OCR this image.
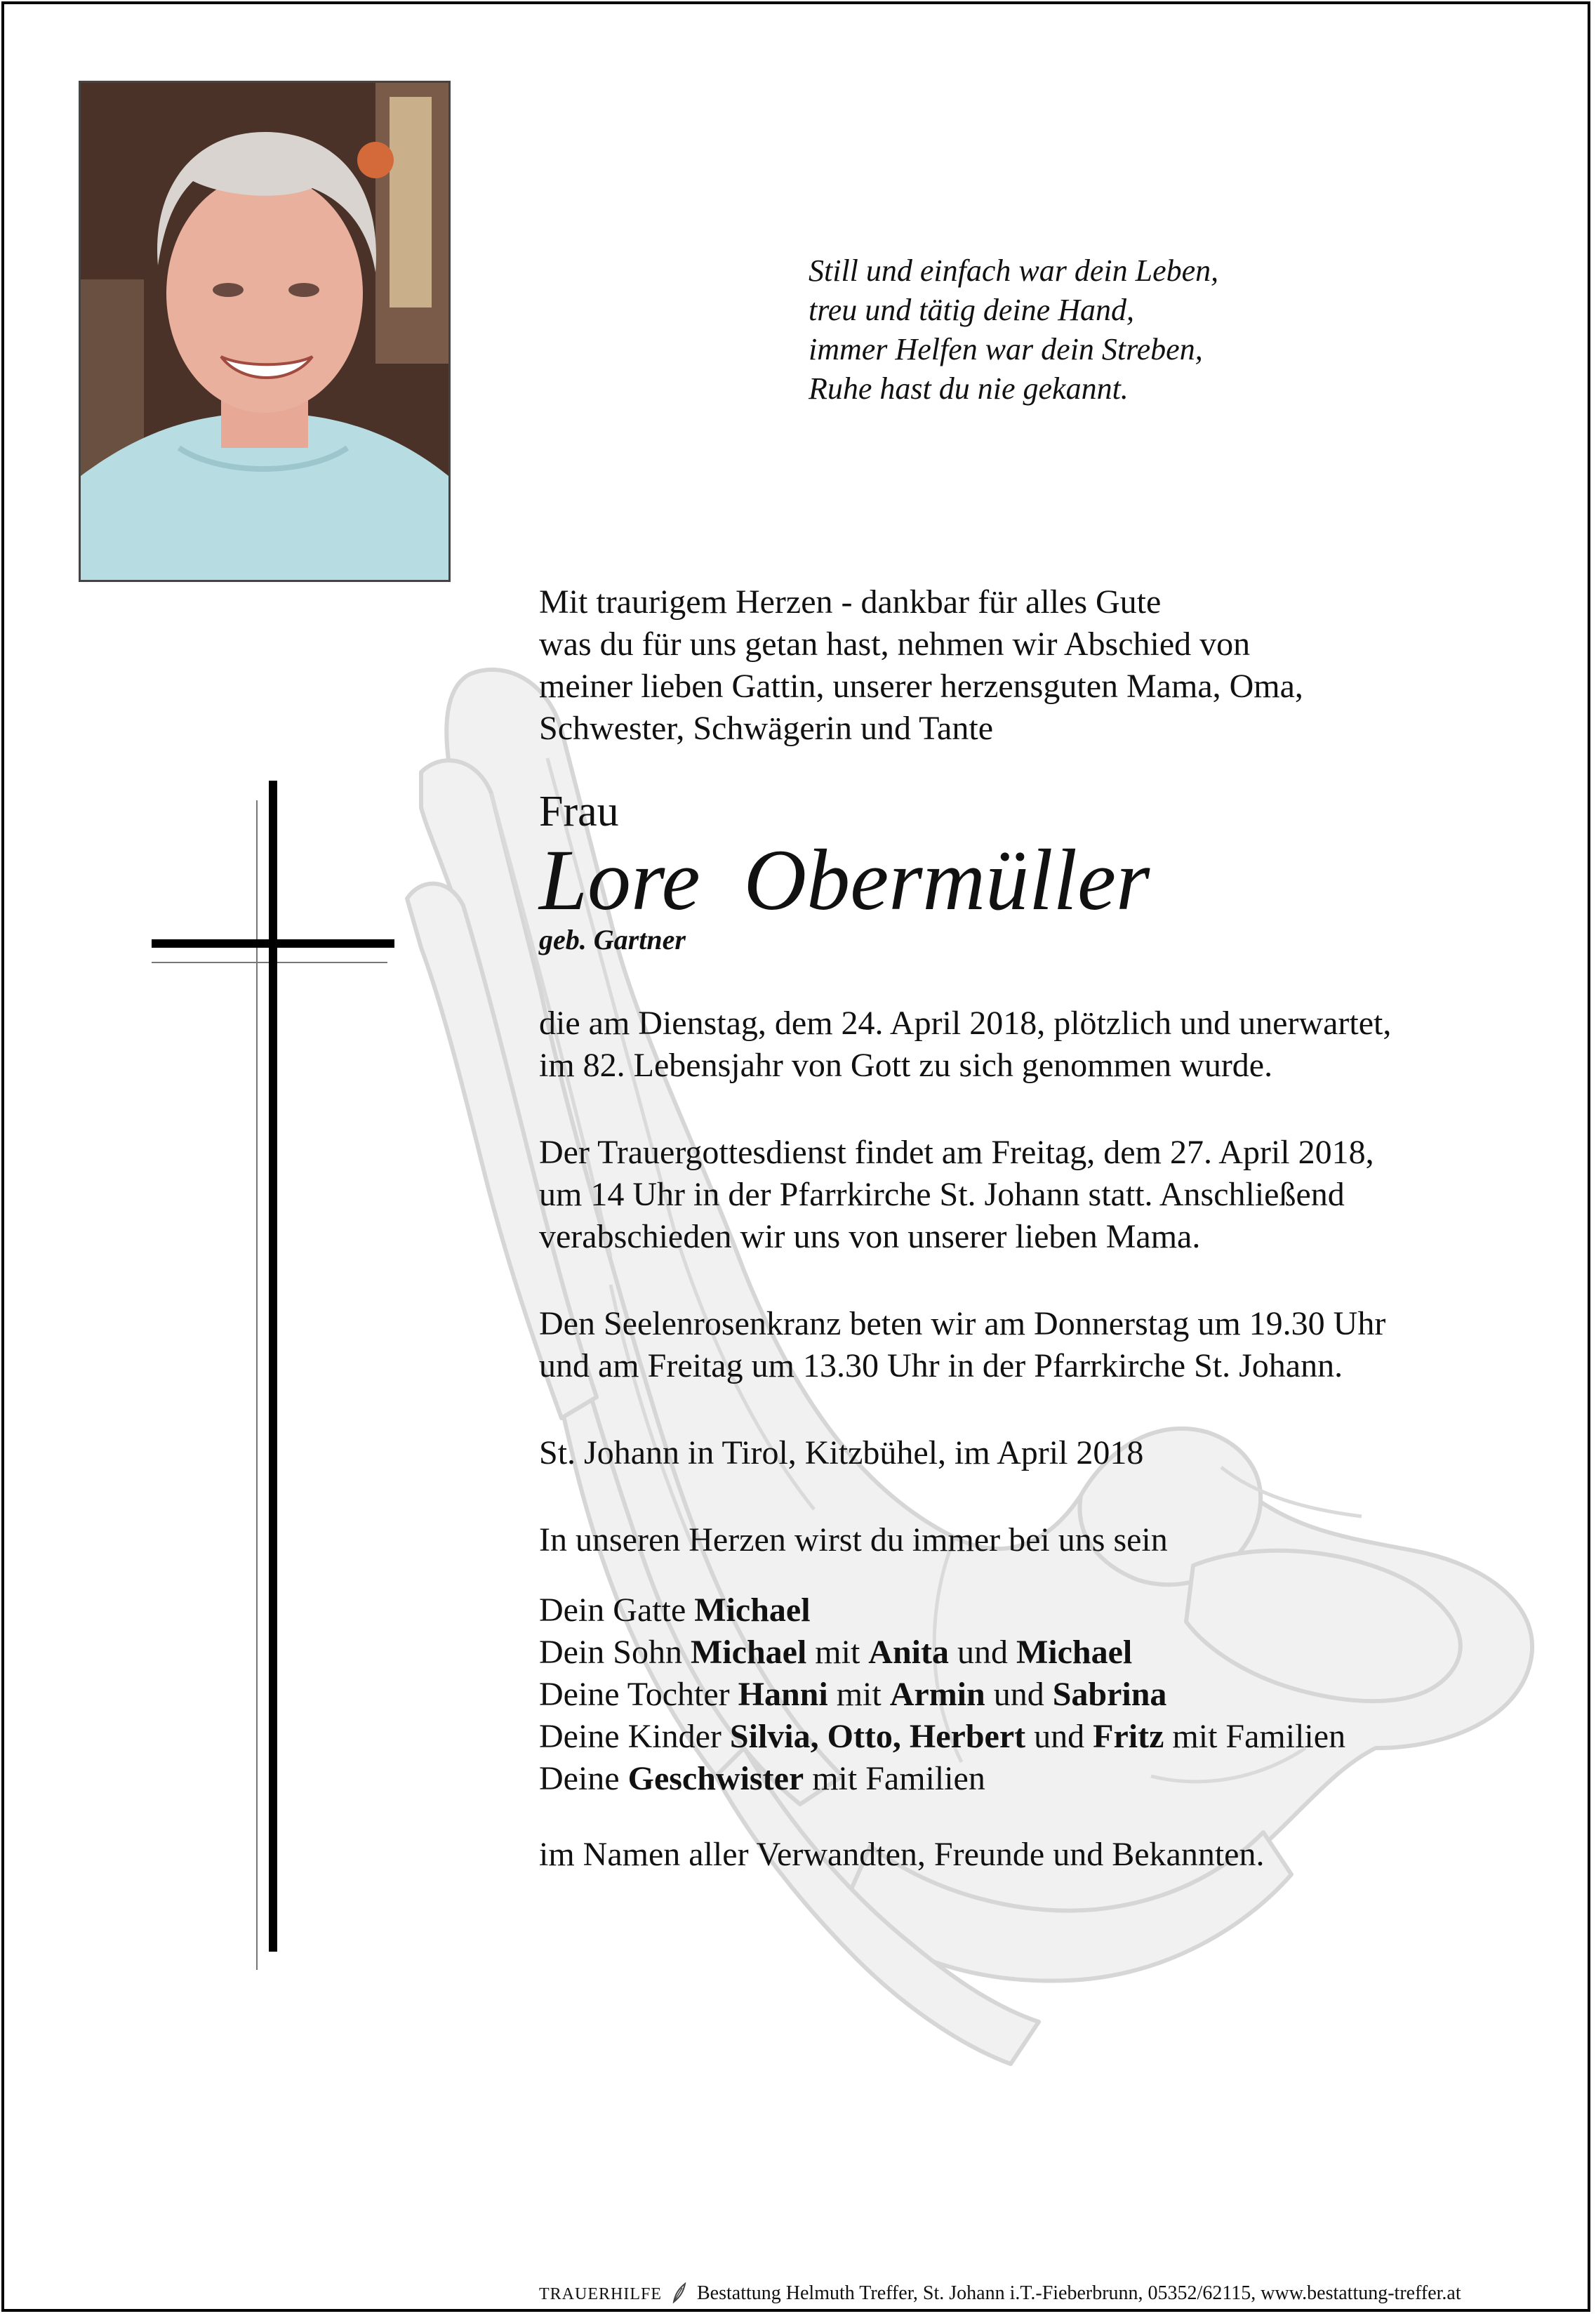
Still und einfach war dein Leben,
treu und tätig deine Hand,
immer Helfen war dein Streben,
Ruhe hast du nie gekannt.

Mit traurigem Herzen - dankbar für alles Gute

was du für uns getan hast, nehmen wir Abschied von

meiner lieben Gattin, unserer herzensguten Mama, Oma,

Schwester, Schwägerin und Tante

Frau

Lore  Obermüller

geb. Gartner

die am Dienstag, dem 24. April 2018, plötzlich und unerwartet,

im 82. Lebensjahr von Gott zu sich genommen wurde.

Der Trauergottesdienst findet am Freitag, dem 27. April 2018,

um 14 Uhr in der Pfarrkirche St. Johann statt. Anschließend

verabschieden wir uns von unserer lieben Mama.

Den Seelenrosenkranz beten wir am Donnerstag um 19.30 Uhr

und am Freitag um 13.30 Uhr in der Pfarrkirche St. Johann.

St. Johann in Tirol, Kitzbühel, im April 2018

In unseren Herzen wirst du immer bei uns sein

Dein Gatte Michael

Dein Sohn Michael mit Anita und Michael

Deine Tochter Hanni mit Armin und Sabrina

Deine Kinder Silvia, Otto, Herbert und Fritz mit Familien

Deine Geschwister mit Familien

im Namen aller Verwandten, Freunde und Bekannten.

TRAUERHILFE Bestattung Helmuth Treffer, St. Johann i.T.-Fieberbrunn, 05352/62115, www.bestattung-treffer.at
